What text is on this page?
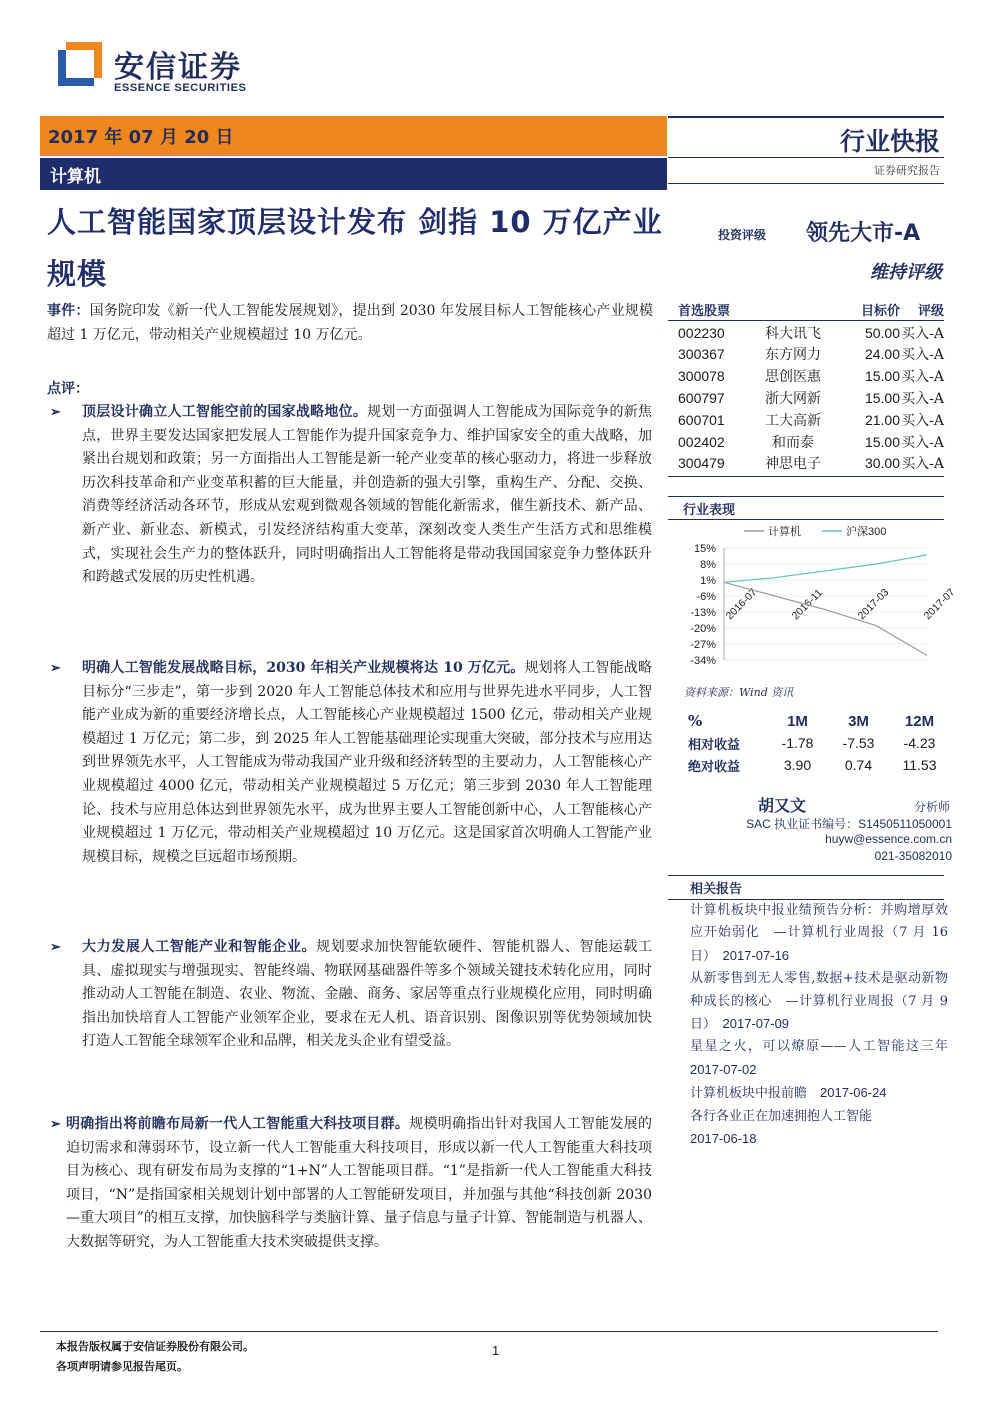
安信证券
ESSENCE SECURITIES
2017 年 07 月 20 日
计算机
行业快报
证券研究报告
人工智能国家顶层设计发布 剑指 10 万亿产业规模
投资评级 领先大市-A
维持评级
事件：国务院印发《新一代人工智能发展规划》，提出到 2030 年发展目标人工智能核心产业规模超过 1 万亿元，带动相关产业规模超过 10 万亿元。
点评：
➢ 顶层设计确立人工智能空前的国家战略地位。规划一方面强调人工智能成为国际竞争的新焦点，世界主要发达国家把发展人工智能作为提升国家竞争力、维护国家安全的重大战略，加紧出台规划和政策；另一方面指出人工智能是新一轮产业变革的核心驱动力，将进一步释放历次科技革命和产业变革积蓄的巨大能量，并创造新的强大引擎，重构生产、分配、交换、消费等经济活动各环节，形成从宏观到微观各领域的智能化新需求，催生新技术、新产品、新产业、新业态、新模式，引发经济结构重大变革，深刻改变人类生产生活方式和思维模式，实现社会生产力的整体跃升，同时明确指出人工智能将是带动我国国家竞争力整体跃升和跨越式发展的历史性机遇。
➢ 明确人工智能发展战略目标，2030 年相关产业规模将达 10 万亿元。规划将人工智能战略目标分“三步走”，第一步到 2020 年人工智能总体技术和应用与世界先进水平同步，人工智能产业成为新的重要经济增长点，人工智能核心产业规模超过 1500 亿元，带动相关产业规模超过 1 万亿元；第二步，到 2025 年人工智能基础理论实现重大突破，部分技术与应用达到世界领先水平，人工智能成为带动我国产业升级和经济转型的主要动力，人工智能核心产业规模超过 4000 亿元，带动相关产业规模超过 5 万亿元；第三步到 2030 年人工智能理论、技术与应用总体达到世界领先水平，成为世界主要人工智能创新中心，人工智能核心产业规模超过 1 万亿元，带动相关产业规模超过 10 万亿元。这是国家首次明确人工智能产业规模目标，规模之巨远超市场预期。
➢ 大力发展人工智能产业和智能企业。规划要求加快智能软硬件、智能机器人、智能运载工具、虚拟现实与增强现实、智能终端、物联网基础器件等多个领域关键技术转化应用，同时推动动人工智能在制造、农业、物流、金融、商务、家居等重点行业规模化应用，同时明确指出加快培育人工智能产业领军企业，要求在无人机、语音识别、图像识别等优势领域加快打造人工智能全球领军企业和品牌，相关龙头企业有望受益。
➢ 明确指出将前瞻布局新一代人工智能重大科技项目群。规模明确指出针对我国人工智能发展的迫切需求和薄弱环节，设立新一代人工智能重大科技项目，形成以新一代人工智能重大科技项目为核心、现有研发布局为支撑的“1+N”人工智能项目群。“1”是指新一代人工智能重大科技项目，“N”是指国家相关规划计划中部署的人工智能研发项目，并加强与其他“科技创新 2030—重大项目”的相互支撑，加快脑科学与类脑计算、量子信息与量子计算、智能制造与机器人、大数据等研究，为人工智能重大技术突破提供支撑。
首选股票	目标价	评级
002230	科大讯飞	50.00 买入-A
300367	东方网力	24.00 买入-A
300078	思创医惠	15.00 买入-A
600797	浙大网新	15.00 买入-A
600701	工大高新	21.00 买入-A
002402	和而泰	15.00 买入-A
300479	神思电子	30.00 买入-A
行业表现
计算机	沪深300
15%
8%
1%
-6%
-13%
-20%
-27%
-34%
2016-07	2016-11	2017-03	2017-07
资料来源：Wind 资讯
%	1M	3M	12M
相对收益	-1.78	-7.53	-4.23
绝对收益	3.90	0.74	11.53
胡又文	分析师
SAC 执业证书编号：S1450511050001
huyw@essence.com.cn
021-35082010
相关报告
计算机板块中报业绩预告分析：并购增厚效应开始弱化　—计算机行业周报（7 月 16 日）　 2017-07-16
从新零售到无人零售,数据+技术是驱动新物种成长的核心　—计算机行业周报（7 月 9 日）　 2017-07-09
星星之火，可以燎原——人工智能这三年　2017-07-02
计算机板块中报前瞻　 2017-06-24
各行各业正在加速拥抱人工智能
2017-06-18
本报告版权属于安信证券股份有限公司。
各项声明请参见报告尾页。
1
